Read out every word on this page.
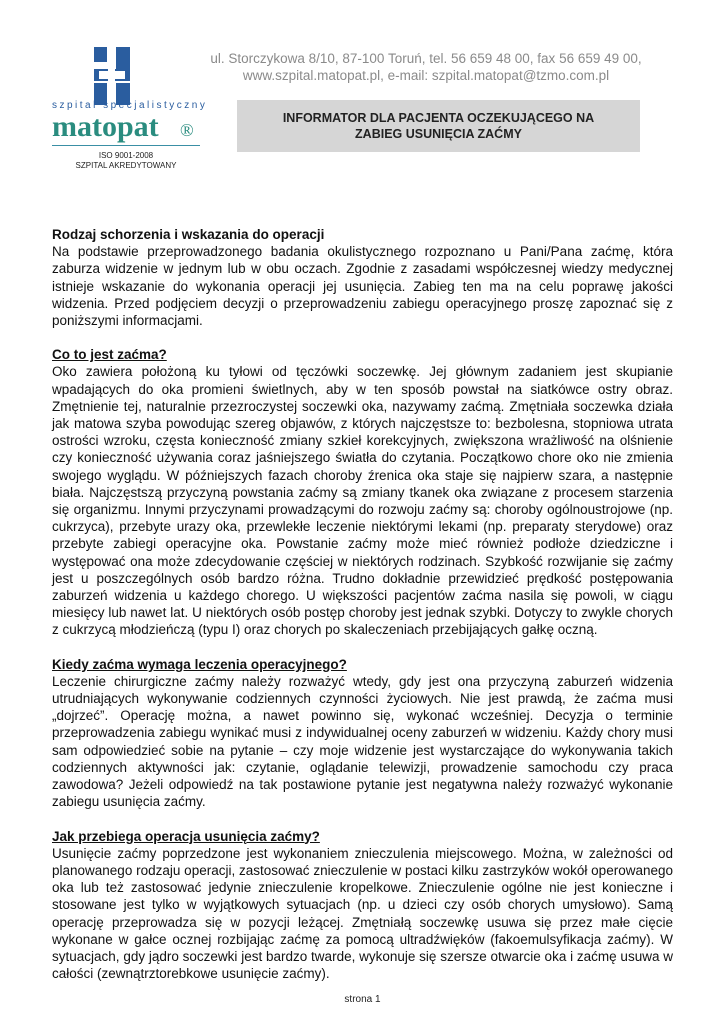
szpital specjalistyczny
matopat ®
ISO 9001-2008
SZPITAL AKREDYTOWANY
ul. Storczykowa 8/10, 87-100 Toruń, tel. 56 659 48 00, fax 56 659 49 00,
www.szpital.matopat.pl, e-mail: szpital.matopat@tzmo.com.pl
INFORMATOR DLA PACJENTA OCZEKUJĄCEGO NA ZABIEG USUNIĘCIA ZAĆMY
Rodzaj schorzenia i wskazania do operacji

Na podstawie przeprowadzonego badania okulistycznego rozpoznano u Pani/Pana zaćmę, która zaburza widzenie w jednym lub w obu oczach. Zgodnie z zasadami współczesnej wiedzy medycznej istnieje wskazanie do wykonania operacji jej usunięcia. Zabieg ten ma na celu poprawę jakości widzenia. Przed podjęciem decyzji o przeprowadzeniu zabiegu operacyjnego proszę zapoznać się z poniższymi informacjami.

Co to jest zaćma?

Oko zawiera położoną ku tyłowi od tęczówki soczewkę. Jej głównym zadaniem jest skupianie wpadających do oka promieni świetlnych, aby w ten sposób powstał na siatkówce ostry obraz. Zmętnienie tej, naturalnie przezroczystej soczewki oka, nazywamy zaćmą. Zmętniała soczewka działa jak matowa szyba powodując szereg objawów, z których najczęstsze to: bezbolesna, stopniowa utrata ostrości wzroku, częsta konieczność zmiany szkieł korekcyjnych, zwiększona wrażliwość na olśnienie czy konieczność używania coraz jaśniejszego światła do czytania. Początkowo chore oko nie zmienia swojego wyglądu. W późniejszych fazach choroby źrenica oka staje się najpierw szara, a następnie biała. Najczęstszą przyczyną powstania zaćmy są zmiany tkanek oka związane z procesem starzenia się organizmu. Innymi przyczynami prowadzącymi do rozwoju zaćmy są: choroby ogólnoustrojowe (np. cukrzyca), przebyte urazy oka, przewlekłe leczenie niektórymi lekami (np. preparaty sterydowe) oraz przebyte zabiegi operacyjne oka. Powstanie zaćmy może mieć również podłoże dziedziczne i występować ona może zdecydowanie częściej w niektórych rodzinach. Szybkość rozwijanie się zaćmy jest u poszczególnych osób bardzo różna. Trudno dokładnie przewidzieć prędkość postępowania zaburzeń widzenia u każdego chorego. U większości pacjentów zaćma nasila się powoli, w ciągu miesięcy lub nawet lat. U niektórych osób postęp choroby jest jednak szybki. Dotyczy to zwykle chorych z cukrzycą młodzieńczą (typu I) oraz chorych po skaleczeniach przebijających gałkę oczną.

Kiedy zaćma wymaga leczenia operacyjnego?

Leczenie chirurgiczne zaćmy należy rozważyć wtedy, gdy jest ona przyczyną zaburzeń widzenia utrudniających wykonywanie codziennych czynności życiowych. Nie jest prawdą, że zaćma musi „dojrzeć”. Operację można, a nawet powinno się, wykonać wcześniej. Decyzja o terminie przeprowadzenia zabiegu wynikać musi z indywidualnej oceny zaburzeń w widzeniu. Każdy chory musi sam odpowiedzieć sobie na pytanie – czy moje widzenie jest wystarczające do wykonywania takich codziennych aktywności jak: czytanie, oglądanie telewizji, prowadzenie samochodu czy praca zawodowa? Jeżeli odpowiedź na tak postawione pytanie jest negatywna należy rozważyć wykonanie zabiegu usunięcia zaćmy.

Jak przebiega operacja usunięcia zaćmy?

Usunięcie zaćmy poprzedzone jest wykonaniem znieczulenia miejscowego. Można, w zależności od planowanego rodzaju operacji, zastosować znieczulenie w postaci kilku zastrzyków wokół operowanego oka lub też zastosować jedynie znieczulenie kropelkowe. Znieczulenie ogólne nie jest konieczne i stosowane jest tylko w wyjątkowych sytuacjach (np. u dzieci czy osób chorych umysłowo). Samą operację przeprowadza się w pozycji leżącej. Zmętniałą soczewkę usuwa się przez małe cięcie wykonane w gałce ocznej rozbijając zaćmę za pomocą ultradźwięków (fakoemulsyfikacja zaćmy). W sytuacjach, gdy jądro soczewki jest bardzo twarde, wykonuje się szersze otwarcie oka i zaćmę usuwa w całości (zewnątrztorebkowe usunięcie zaćmy).

strona 1
